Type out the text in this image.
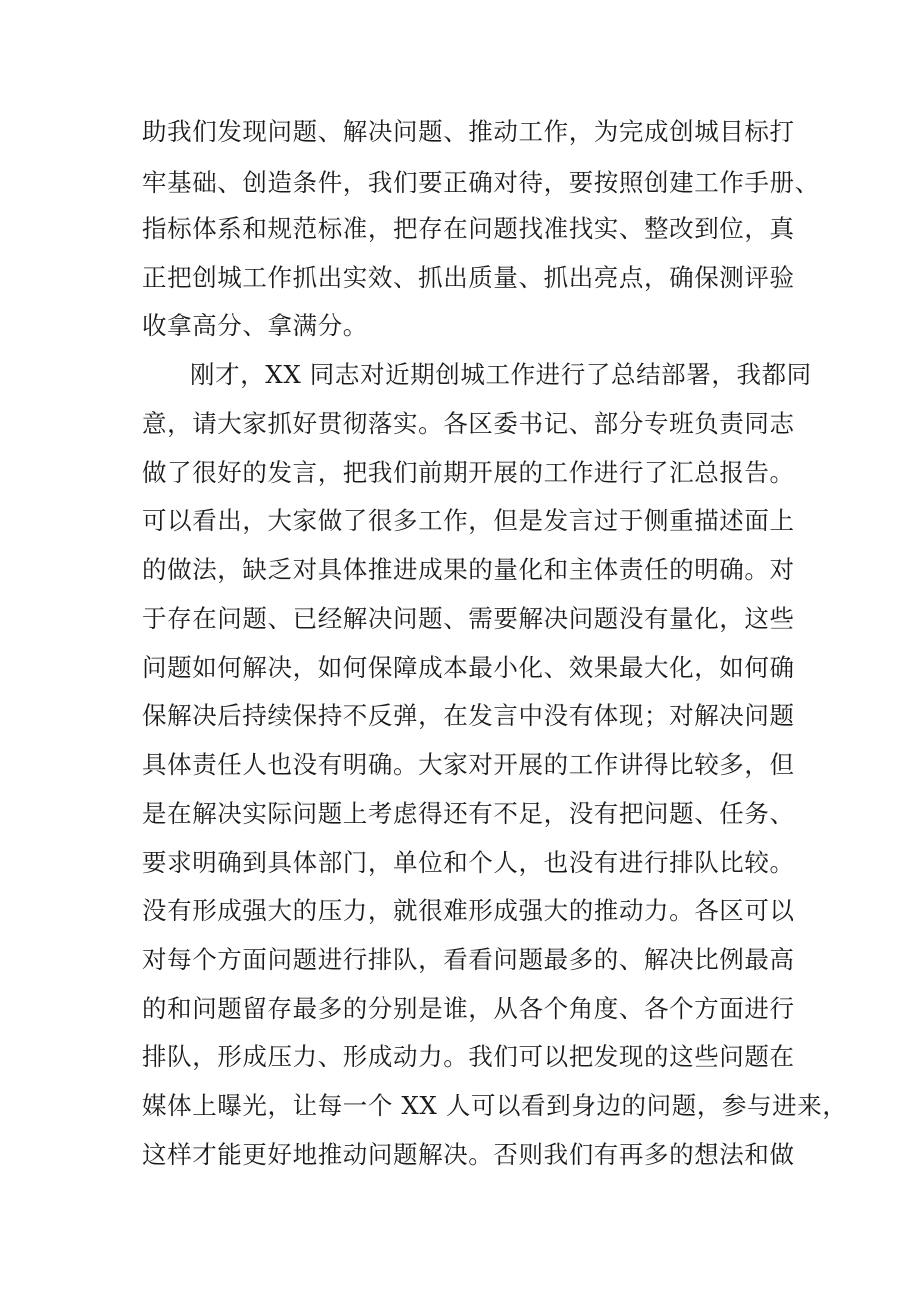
助我们发现问题、解决问题、推动工作，为完成创城目标打

牢基础、创造条件，我们要正确对待，要按照创建工作手册、

指标体系和规范标准，把存在问题找准找实、整改到位，真

正把创城工作抓出实效、抓出质量、抓出亮点，确保测评验

收拿高分、拿满分。

刚才，XX 同志对近期创城工作进行了总结部署，我都同

意，请大家抓好贯彻落实。各区委书记、部分专班负责同志

做了很好的发言，把我们前期开展的工作进行了汇总报告。

可以看出，大家做了很多工作，但是发言过于侧重描述面上

的做法，缺乏对具体推进成果的量化和主体责任的明确。对

于存在问题、已经解决问题、需要解决问题没有量化，这些

问题如何解决，如何保障成本最小化、效果最大化，如何确

保解决后持续保持不反弹，在发言中没有体现；对解决问题

具体责任人也没有明确。大家对开展的工作讲得比较多，但

是在解决实际问题上考虑得还有不足，没有把问题、任务、

要求明确到具体部门，单位和个人，也没有进行排队比较。

没有形成强大的压力，就很难形成强大的推动力。各区可以

对每个方面问题进行排队，看看问题最多的、解决比例最高

的和问题留存最多的分别是谁，从各个角度、各个方面进行

排队，形成压力、形成动力。我们可以把发现的这些问题在

媒体上曝光，让每一个 XX 人可以看到身边的问题，参与进来，

这样才能更好地推动问题解决。否则我们有再多的想法和做
